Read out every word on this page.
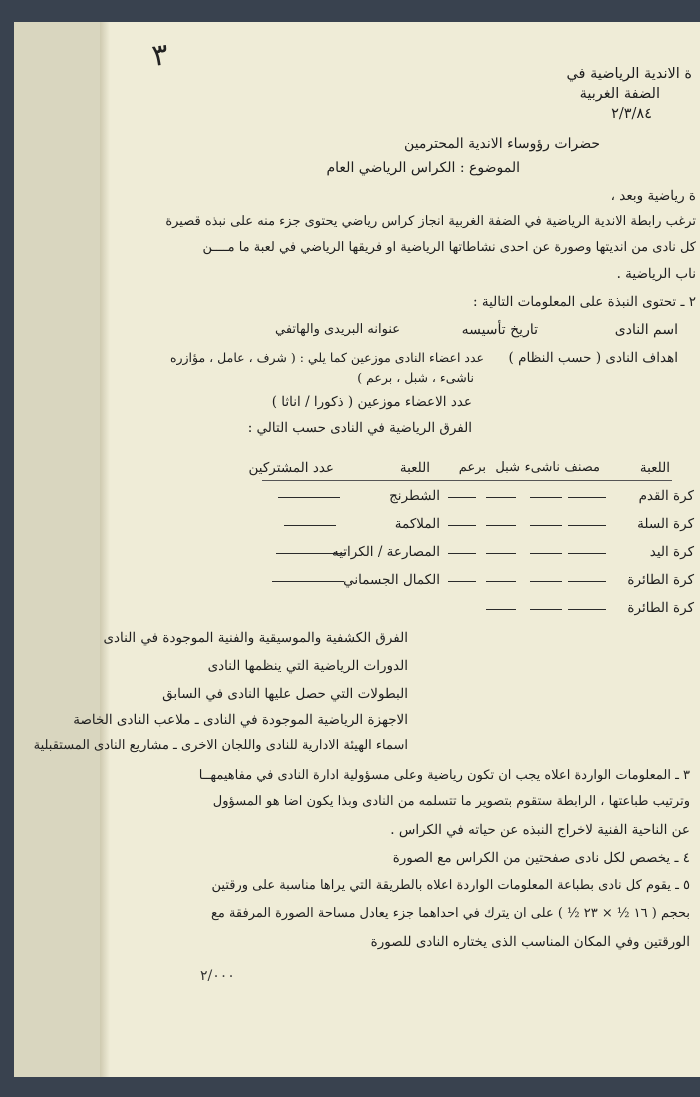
٣
ة الاندية الرياضية في
الضفة الغربية
٢/٣/٨٤
حضرات رؤوساء الاندية المحترمين
الموضوع : الكراس الرياضي العام
ة رياضية وبعد ،
ترغب رابطة الاندية الرياضية في الضفة الغربية انجاز كراس رياضي يحتوى جزء منه على نبذه قصيرة
كل نادى من انديتها وصورة عن احدى نشاطاتها الرياضية او فريقها الرياضي في لعبة ما مــــن
ناب الرياضية .
٢ ـ تحتوى النبذة على المعلومات التالية :
اسم النادى
تاريخ تأسيسه
عنوانه البريدى والهاتفي
اهداف النادى ( حسب النظام )
عدد اعضاء النادى موزعين كما يلي : ( شرف ، عامل ، مؤازره
ناشىء ، شبل ، برعم )
عدد الاعضاء موزعين ( ذكورا / اناثا )
الفرق الرياضية في النادى حسب التالي :
اللعبة
مصنف
ناشىء
شبل
برعم
اللعبة
عدد المشتركين
كرة القدم
كرة السلة
كرة اليد
كرة الطائرة
كرة الطائرة
الشطرنج
الملاكمة
المصارعة / الكراتيه
الكمال الجسماني
الفرق الكشفية والموسيقية والفنية الموجودة في النادى
الدورات الرياضية التي ينظمها النادى
البطولات التي حصل عليها النادى في السابق
الاجهزة الرياضية الموجودة في النادى ـ ملاعب النادى الخاصة
اسماء الهيئة الادارية للنادى واللجان الاخرى ـ مشاريع النادى المستقبلية
٣ ـ المعلومات الواردة اعلاه يجب ان تكون رياضية وعلى مسؤولية ادارة النادى في مفاهيمهــا
وترتيب طباعتها ، الرابطة ستقوم بتصوير ما تتسلمه من النادى وبذا يكون اضا هو المسؤول
عن الناحية الفنية لاخراج النبذه عن حياته في الكراس .
٤ ـ يخصص لكل نادى صفحتين من الكراس مع الصورة
٥ ـ يقوم كل نادى بطباعة المعلومات الواردة اعلاه بالطريقة التي يراها مناسبة على ورقتين
بحجم ( ١٦ ½ × ٢٣ ½ ) على ان يترك في احداهما جزء يعادل مساحة الصورة المرفقة مع
الورقتين وفي المكان المناسب الذى يختاره النادى للصورة
٢/٠٠٠
